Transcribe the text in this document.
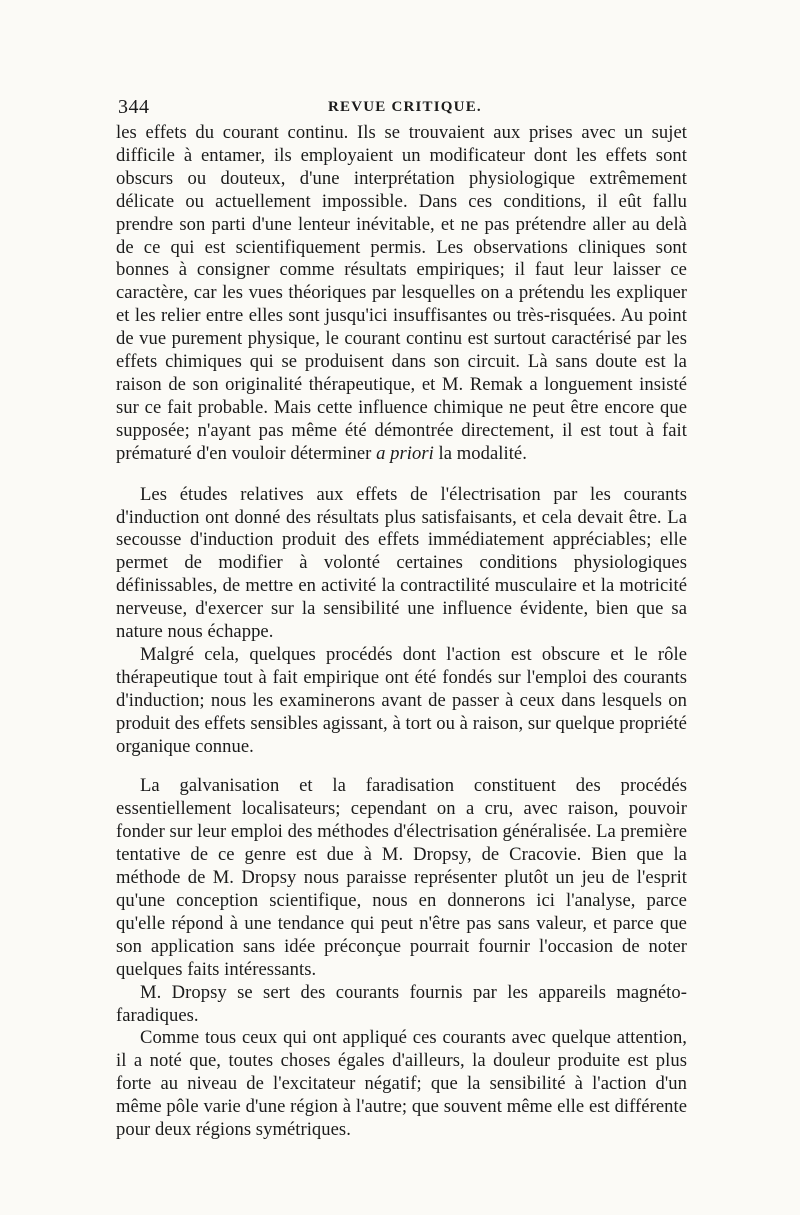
344	REVUE CRITIQUE.

les effets du courant continu. Ils se trouvaient aux prises avec un sujet difficile à entamer, ils employaient un modificateur dont les effets sont obscurs ou douteux, d'une interprétation physiologique extrêmement délicate ou actuellement impossible. Dans ces conditions, il eût fallu prendre son parti d'une lenteur inévitable, et ne pas prétendre aller au delà de ce qui est scientifiquement permis. Les observations cliniques sont bonnes à consigner comme résultats empiriques; il faut leur laisser ce caractère, car les vues théoriques par lesquelles on a prétendu les expliquer et les relier entre elles sont jusqu'ici insuffisantes ou très-risquées. Au point de vue purement physique, le courant continu est surtout caractérisé par les effets chimiques qui se produisent dans son circuit. Là sans doute est la raison de son originalité thérapeutique, et M. Remak a longuement insisté sur ce fait probable. Mais cette influence chimique ne peut être encore que supposée; n'ayant pas même été démontrée directement, il est tout à fait prématuré d'en vouloir déterminer a priori la modalité.

Les études relatives aux effets de l'électrisation par les courants d'induction ont donné des résultats plus satisfaisants, et cela devait être. La secousse d'induction produit des effets immédiatement appréciables; elle permet de modifier à volonté certaines conditions physiologiques définissables, de mettre en activité la contractilité musculaire et la motricité nerveuse, d'exercer sur la sensibilité une influence évidente, bien que sa nature nous échappe.

Malgré cela, quelques procédés dont l'action est obscure et le rôle thérapeutique tout à fait empirique ont été fondés sur l'emploi des courants d'induction; nous les examinerons avant de passer à ceux dans lesquels on produit des effets sensibles agissant, à tort ou à raison, sur quelque propriété organique connue.

La galvanisation et la faradisation constituent des procédés essentiellement localisateurs; cependant on a cru, avec raison, pouvoir fonder sur leur emploi des méthodes d'électrisation généralisée. La première tentative de ce genre est due à M. Dropsy, de Cracovie. Bien que la méthode de M. Dropsy nous paraisse représenter plutôt un jeu de l'esprit qu'une conception scientifique, nous en donnerons ici l'analyse, parce qu'elle répond à une tendance qui peut n'être pas sans valeur, et parce que son application sans idée préconçue pourrait fournir l'occasion de noter quelques faits intéressants.

M. Dropsy se sert des courants fournis par les appareils magnéto-faradiques.

Comme tous ceux qui ont appliqué ces courants avec quelque attention, il a noté que, toutes choses égales d'ailleurs, la douleur produite est plus forte au niveau de l'excitateur négatif; que la sensibilité à l'action d'un même pôle varie d'une région à l'autre; que souvent même elle est différente pour deux régions symétriques.
